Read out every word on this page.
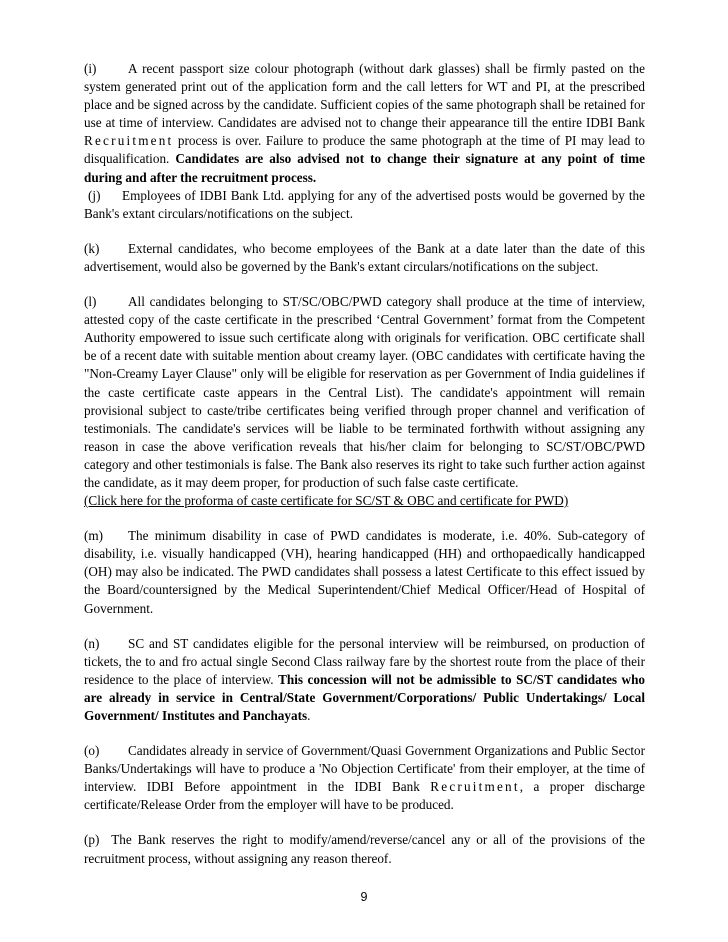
(i) A recent passport size colour photograph (without dark glasses) shall be firmly pasted on the system generated print out of the application form and the call letters for WT and PI, at the prescribed place and be signed across by the candidate. Sufficient copies of the same photograph shall be retained for use at time of interview. Candidates are advised not to change their appearance till the entire IDBI Bank Recruitment process is over. Failure to produce the same photograph at the time of PI may lead to disqualification. Candidates are also advised not to change their signature at any point of time during and after the recruitment process.

(j) Employees of IDBI Bank Ltd. applying for any of the advertised posts would be governed by the Bank's extant circulars/notifications on the subject.

(k) External candidates, who become employees of the Bank at a date later than the date of this advertisement, would also be governed by the Bank's extant circulars/notifications on the subject.

(l) All candidates belonging to ST/SC/OBC/PWD category shall produce at the time of interview, attested copy of the caste certificate in the prescribed ‘Central Government’ format from the Competent Authority empowered to issue such certificate along with originals for verification. OBC certificate shall be of a recent date with suitable mention about creamy layer. (OBC candidates with certificate having the "Non-Creamy Layer Clause" only will be eligible for reservation as per Government of India guidelines if the caste certificate caste appears in the Central List). The candidate's appointment will remain provisional subject to caste/tribe certificates being verified through proper channel and verification of testimonials. The candidate's services will be liable to be terminated forthwith without assigning any reason in case the above verification reveals that his/her claim for belonging to SC/ST/OBC/PWD category and other testimonials is false. The Bank also reserves its right to take such further action against the candidate, as it may deem proper, for production of such false caste certificate.
(Click here for the proforma of caste certificate for SC/ST & OBC and certificate for PWD)

(m) The minimum disability in case of PWD candidates is moderate, i.e. 40%. Sub-category of disability, i.e. visually handicapped (VH), hearing handicapped (HH) and orthopaedically handicapped (OH) may also be indicated. The PWD candidates shall possess a latest Certificate to this effect issued by the Board/countersigned by the Medical Superintendent/Chief Medical Officer/Head of Hospital of Government.

(n) SC and ST candidates eligible for the personal interview will be reimbursed, on production of tickets, the to and fro actual single Second Class railway fare by the shortest route from the place of their residence to the place of interview. This concession will not be admissible to SC/ST candidates who are already in service in Central/State Government/Corporations/ Public Undertakings/ Local Government/ Institutes and Panchayats.

(o) Candidates already in service of Government/Quasi Government Organizations and Public Sector Banks/Undertakings will have to produce a 'No Objection Certificate' from their employer, at the time of interview. IDBI Before appointment in the IDBI Bank Recruitment, a proper discharge certificate/Release Order from the employer will have to be produced.

(p) The Bank reserves the right to modify/amend/reverse/cancel any or all of the provisions of the recruitment process, without assigning any reason thereof.

9
